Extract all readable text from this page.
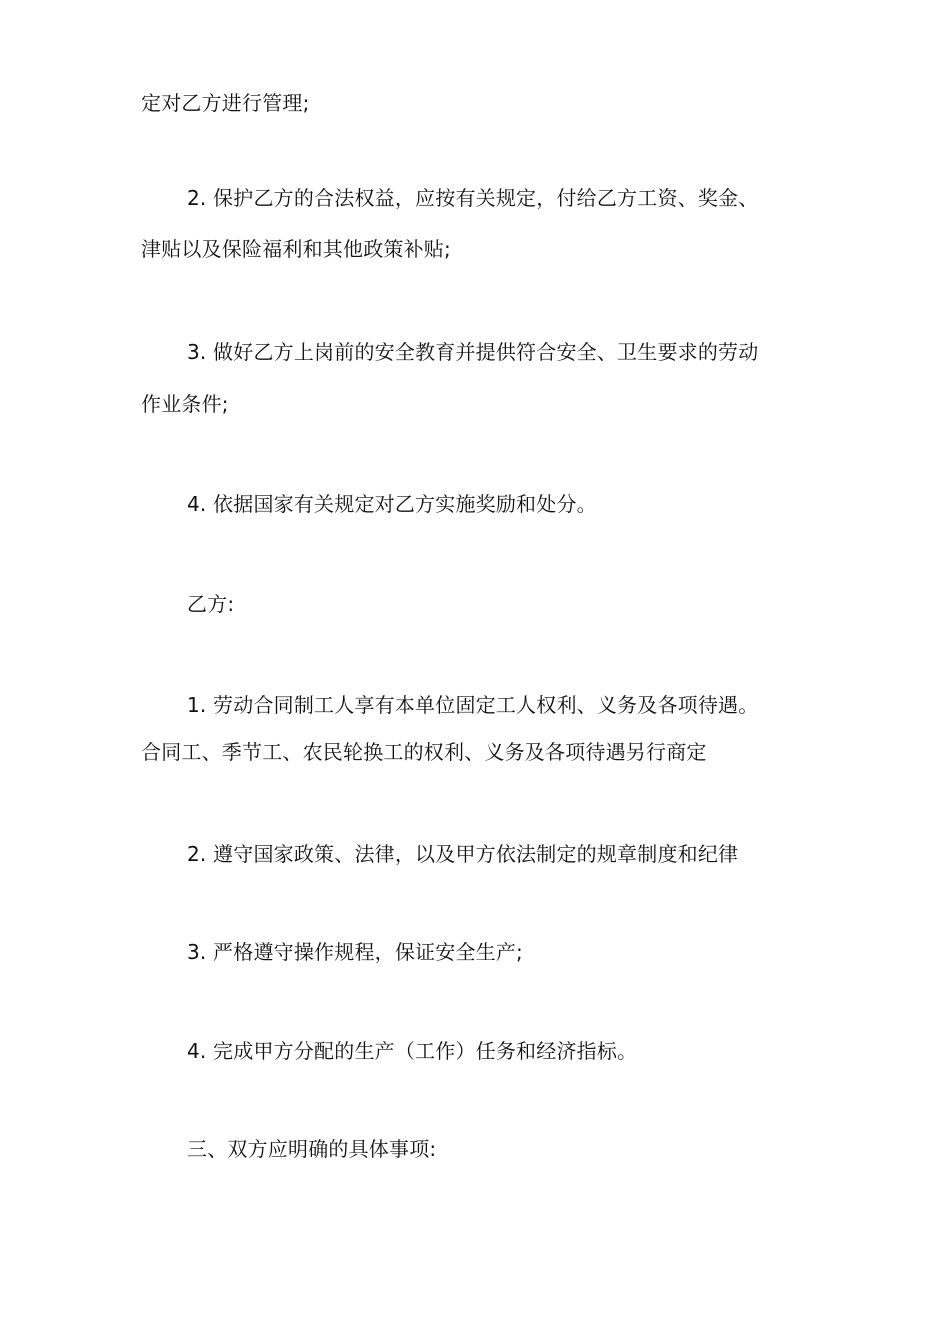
定对乙方进行管理;
2. 保护乙方的合法权益，应按有关规定，付给乙方工资、奖金、
津贴以及保险福利和其他政策补贴;
3. 做好乙方上岗前的安全教育并提供符合安全、卫生要求的劳动
作业条件;
4. 依据国家有关规定对乙方实施奖励和处分。
乙方:
1. 劳动合同制工人享有本单位固定工人权利、义务及各项待遇。
合同工、季节工、农民轮换工的权利、义务及各项待遇另行商定
2. 遵守国家政策、法律，以及甲方依法制定的规章制度和纪律
3. 严格遵守操作规程，保证安全生产;
4. 完成甲方分配的生产（工作）任务和经济指标。
三、双方应明确的具体事项:
